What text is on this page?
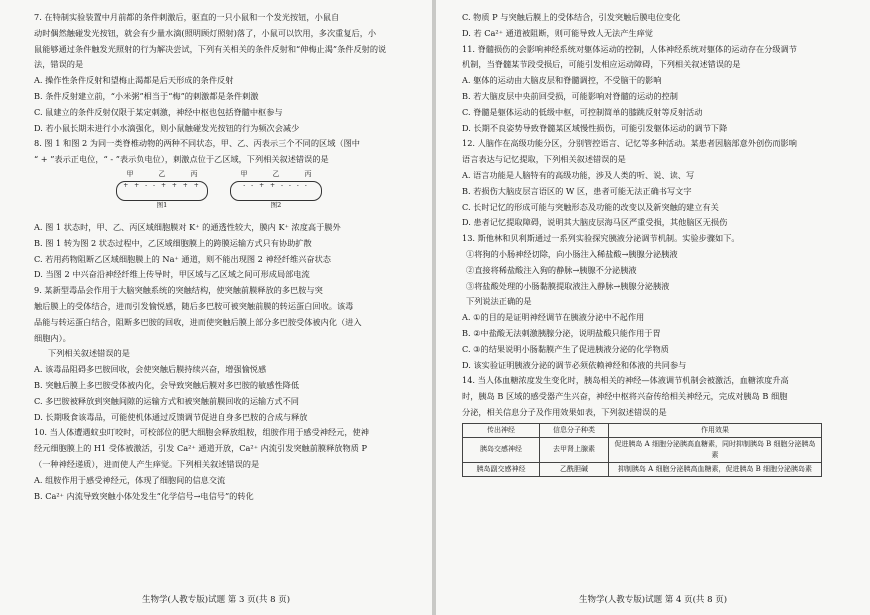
7. 在特制实验装置中月前都的条件刺激后，驱直的一只小鼠和一个发光按钮，小鼠自

动时偶然触碰发光按钮，就会有少量水滴(照明顾灯照射)落了，小鼠可以饮用，多次重复后，小

鼠能够通过条件触发光照射的行为解决尝试，下列有关相关的条件反射和“伸梅止渴”条件反射的说

法，错误的是

A. 操作性条件反射和望梅止渴都是后天形成的条件反射

B. 条件反射建立前，“小米粥”相当于“梅”的刺激都是条件刺激

C. 鼠建立的条件反射仅限于某定刺激，神经中枢也包括脊髓中枢参与

D. 若小鼠长期未进行小水滴强化，则小鼠触碰发光按钮的行为频次会减少

8. 图 1 和图 2 为同一类脊椎动物的两种不同状态，甲、乙、丙表示三个不同的区域（图中

“ + ”表示正电位，“ - ”表示负电位），刺激点位于乙区域，下列相关叙述错误的是

甲	乙	丙
+ + - - + + + +
图1
甲	乙	丙
- - + + - - - -
图2

A. 图 1 状态时，甲、乙、丙区域细胞膜对 K⁺ 的通透性较大，膜内 K⁺ 浓度高于膜外

B. 图 1 转为图 2 状态过程中，乙区域细胞膜上的跨膜运输方式只有协助扩散

C. 若用药物阻断乙区域细胞膜上的 Na⁺ 通道，则不能出现图 2 神经纤维兴奋状态

D. 当图 2 中兴奋沿神经纤维上传导时，甲区域与乙区域之间可形成局部电流

9. 某新型毒品会作用于大脑突触系统的突触结构，使突触前膜释放的多巴胺与突

触后膜上的受体结合，进而引发愉悦感，随后多巴胺可被突触前膜的转运蛋白回收。该毒

品能与转运蛋白结合，阻断多巴胺的回收，进而使突触后膜上部分多巴胺受体被内化（进入

细胞内）。

下列相关叙述错误的是

A. 该毒品阻碍多巴胺回收，会使突触后膜持续兴奋，增强愉悦感

B. 突触后膜上多巴胺受体被内化，会导致突触后膜对多巴胺的敏感性降低

C. 多巴胺被释放到突触间隙的运输方式和被突触前膜回收的运输方式不同

D. 长期吸食该毒品，可能使机体通过反馈调节促进自身多巴胺的合成与释放

10. 当人体遭遇蚊虫叮咬时，可校部位的肥大细胞会释放组胺，组胺作用于感受神经元，使神

经元细胞膜上的 H1 受体被激活，引发 Ca²⁺ 通道开放，Ca²⁺ 内流引发突触前膜释放物质 P

（一种神经递质），进而使人产生痒觉。下列相关叙述错误的是

A. 组胺作用于感受神经元，体现了细胞间的信息交流

B. Ca²⁺ 内流导致突触小体处发生“化学信号→电信号”的转化

生物学(人教专版)试题 第 3 页(共 8 页)

C. 物质 P 与突触后膜上的受体结合，引发突触后膜电位变化

D. 若 Ca²⁺ 通道被阻断，则可能导致人无法产生痒觉

11. 脊髓损伤的会影响神经系统对躯体运动的控制，人体神经系统对躯体的运动存在分级调节

机制，当脊髓某节段受损后，可能引发相应运动障碍，下列相关叙述错误的是

A. 躯体的运动由大脑皮层和脊髓调控，不受脑干的影响

B. 若大脑皮层中央前回受损，可能影响对脊髓的运动的控制

C. 脊髓是躯体运动的低级中枢，可控制简单的膝跳反射等反射活动

D. 长期不良姿势导致脊髓某区域慢性损伤，可能引发躯体运动的调节下降

12. 人脑作在高级功能分区，分别管控语言、记忆等多种活动。某患者因脑部意外创伤而影响

语言表达与记忆提取，下列相关叙述错误的是

A. 语言功能是人脑特有的高级功能，涉及人类的听、说、读、写

B. 若损伤大脑皮层言语区的 W 区，患者可能无法正确书写文字

C. 长时记忆的形成可能与突触形态及功能的改变以及新突触的建立有关

D. 患者记忆提取障碍，说明其大脑皮层海马区严重受损，其他脑区无损伤

13. 斯他林和贝利斯通过一系列实验探究胰液分泌调节机制。实验步骤如下。

①将狗的小肠神经切除，向小肠注入稀盐酸→胰腺分泌胰液

②直接将稀盐酸注入狗的静脉→胰腺不分泌胰液

③将盐酸处理的小肠黏膜提取液注入静脉→胰腺分泌胰液

下列说法正确的是

A. ①的目的是证明神经调节在胰液分泌中不起作用

B. ②中盐酸无法刺激胰腺分泌，说明盐酸只能作用于胃

C. ③的结果说明小肠黏膜产生了促进胰液分泌的化学物质

D. 该实验证明胰液分泌的调节必须依赖神经和体液的共同参与

14. 当人体血糖浓度发生变化时，胰岛相关的神经—体液调节机制会被激活，血糖浓度升高

时，胰岛 B 区域的感受器产生兴奋，神经中枢将兴奋传给相关神经元，完成对胰岛 B 细胞

分泌，相关信息分子及作用效果如表，下列叙述错误的是

传出神经	信息分子种类	作用效果
胰岛交感神经	去甲肾上腺素	促进胰岛 A 细胞分泌胰高血糖素，同时抑制胰岛 B 细胞分泌胰岛素
胰岛副交感神经	乙酰胆碱	抑制胰岛 A 细胞分泌胰高血糖素，促进胰岛 B 细胞分泌胰岛素
生物学(人教专版)试题 第 4 页(共 8 页)
